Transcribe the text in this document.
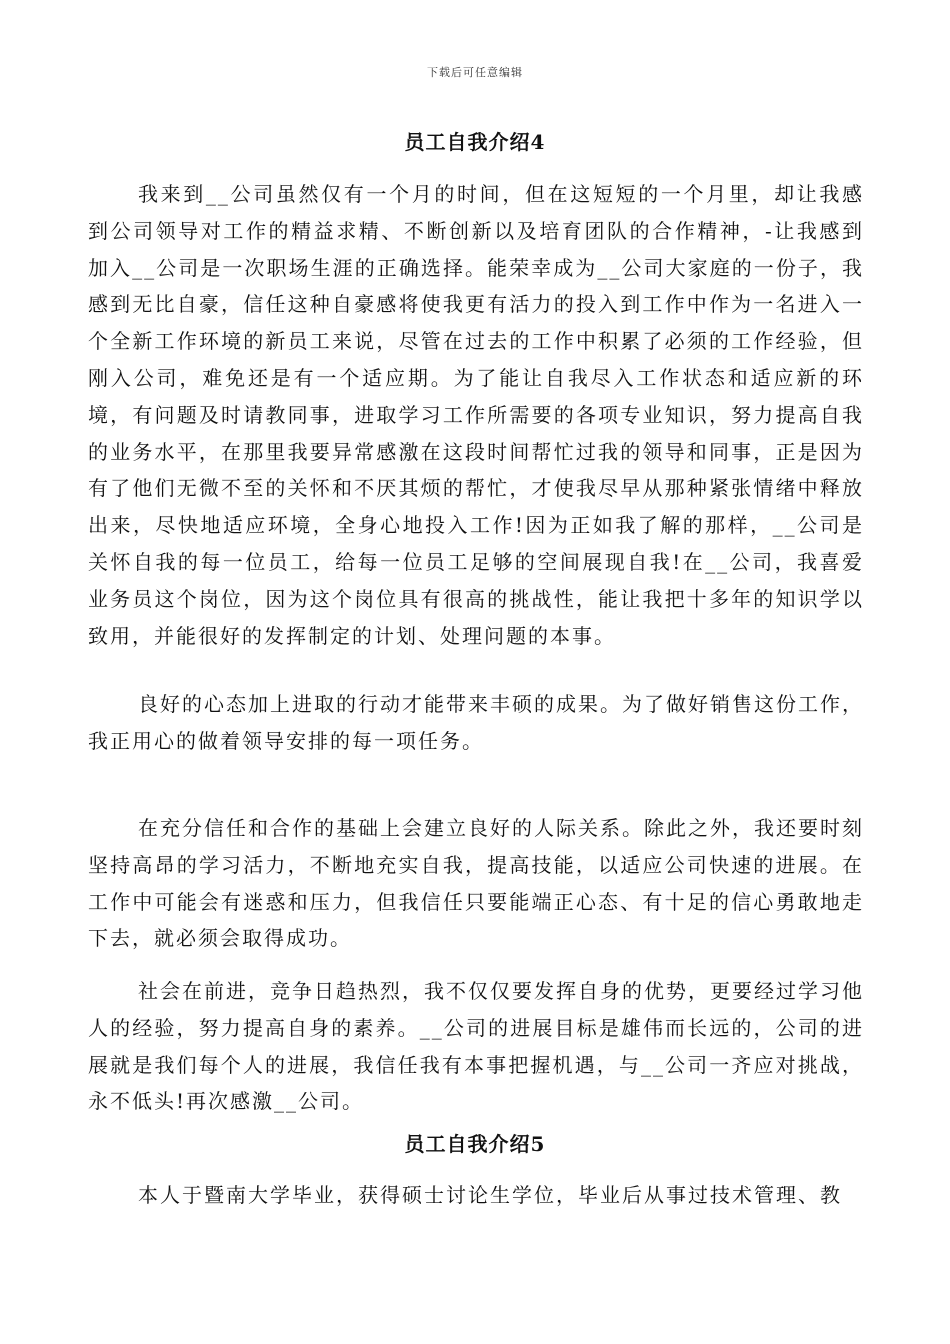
下载后可任意编辑
员工自我介绍4

我来到__公司虽然仅有一个月的时间，但在这短短的一个月里，却让我感到公司领导对工作的精益求精、不断创新以及培育团队的合作精神，-让我感到加入__公司是一次职场生涯的正确选择。能荣幸成为__公司大家庭的一份子，我感到无比自豪，信任这种自豪感将使我更有活力的投入到工作中作为一名进入一个全新工作环境的新员工来说，尽管在过去的工作中积累了必须的工作经验，但刚入公司，难免还是有一个适应期。为了能让自我尽入工作状态和适应新的环境，有问题及时请教同事，进取学习工作所需要的各项专业知识，努力提高自我的业务水平，在那里我要异常感激在这段时间帮忙过我的领导和同事，正是因为有了他们无微不至的关怀和不厌其烦的帮忙，才使我尽早从那种紧张情绪中释放出来，尽快地适应环境，全身心地投入工作!因为正如我了解的那样，__公司是关怀自我的每一位员工，给每一位员工足够的空间展现自我!在__公司，我喜爱业务员这个岗位，因为这个岗位具有很高的挑战性，能让我把十多年的知识学以致用，并能很好的发挥制定的计划、处理问题的本事。

良好的心态加上进取的行动才能带来丰硕的成果。为了做好销售这份工作，我正用心的做着领导安排的每一项任务。

在充分信任和合作的基础上会建立良好的人际关系。除此之外，我还要时刻坚持高昂的学习活力，不断地充实自我，提高技能，以适应公司快速的进展。在工作中可能会有迷惑和压力，但我信任只要能端正心态、有十足的信心勇敢地走下去，就必须会取得成功。

社会在前进，竞争日趋热烈，我不仅仅要发挥自身的优势，更要经过学习他人的经验，努力提高自身的素养。__公司的进展目标是雄伟而长远的，公司的进展就是我们每个人的进展，我信任我有本事把握机遇，与__公司一齐应对挑战，永不低头!再次感激__公司。

员工自我介绍5

本人于暨南大学毕业，获得硕士讨论生学位，毕业后从事过技术管理、教
